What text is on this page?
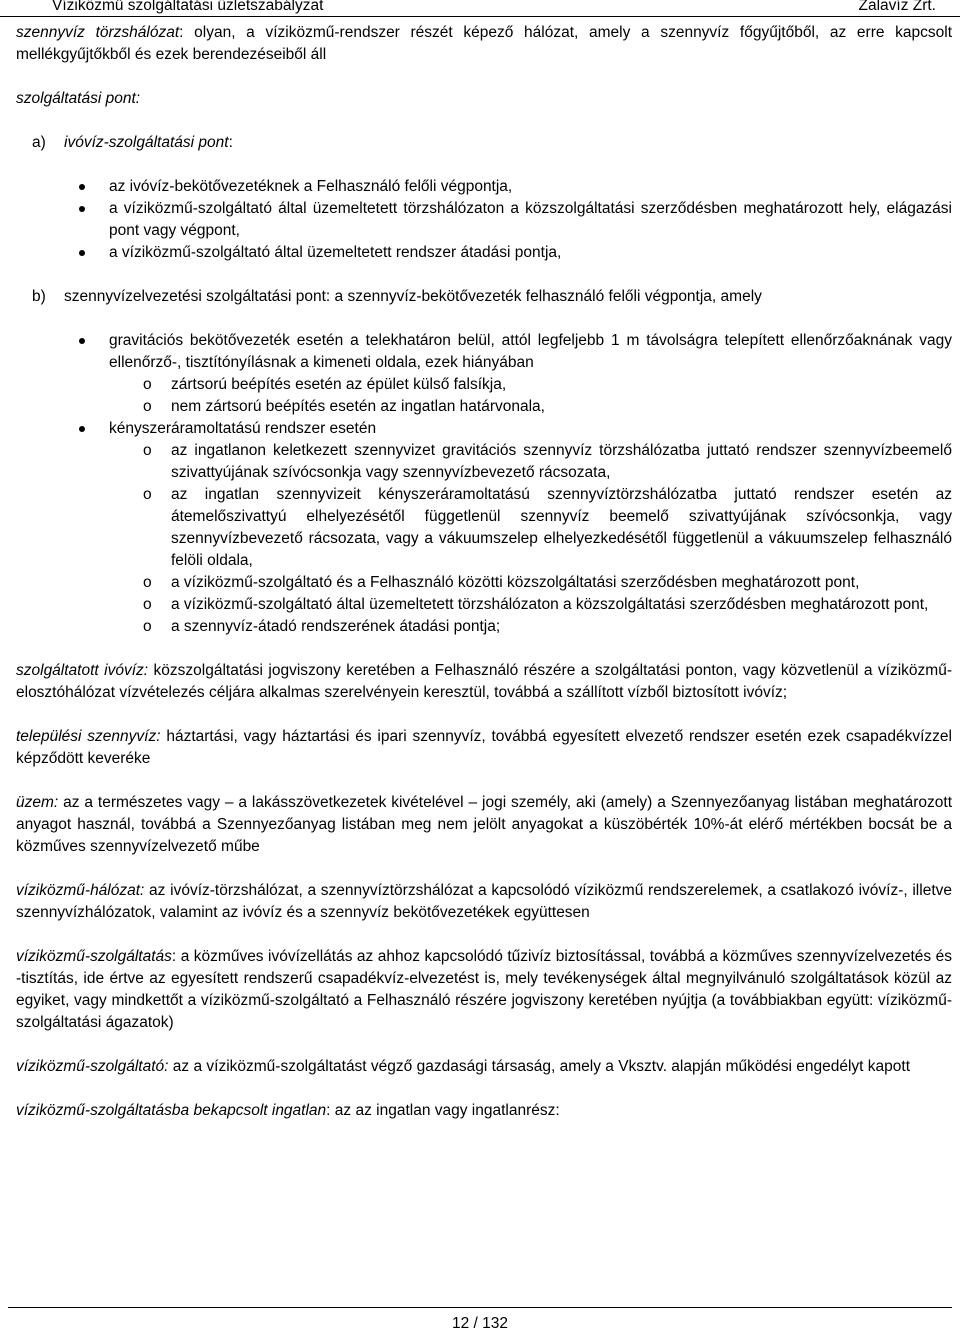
Víziközmű szolgáltatási üzletszabályzat	Zalavíz Zrt.

szennyvíz törzshálózat: olyan, a víziközmű-rendszer részét képező hálózat, amely a szennyvíz főgyűjtőből, az erre kapcsolt mellékgyűjtőkből és ezek berendezéseiből áll

szolgáltatási pont:

a) ivóvíz-szolgáltatási pont:

az ivóvíz-bekötővezetéknek a Felhasználó felőli végpontja,
a víziközmű-szolgáltató által üzemeltetett törzshálózaton a közszolgáltatási szerződésben meghatározott hely, elágazási pont vagy végpont,
a víziközmű-szolgáltató által üzemeltetett rendszer átadási pontja,

b) szennyvízelvezetési szolgáltatási pont: a szennyvíz-bekötővezeték felhasználó felőli végpontja, amely

gravitációs bekötővezeték esetén a telekhatáron belül, attól legfeljebb 1 m távolságra telepített ellenőrzőaknának vagy ellenőrző-, tisztítónyílásnak a kimeneti oldala, ezek hiányában
o zártsorú beépítés esetén az épület külső falsíkja,
o nem zártsorú beépítés esetén az ingatlan határvonala,
kényszeráramoltatású rendszer esetén
o az ingatlanon keletkezett szennyvizet gravitációs szennyvíz törzshálózatba juttató rendszer szennyvízbeemelő szivattyújának szívócsonkja vagy szennyvízbevezető rácsozata,
o az ingatlan szennyvizeit kényszeráramoltatású szennyvíztörzshálózatba juttató rendszer esetén az átemelőszivattyú elhelyezésétől függetlenül szennyvíz beemelő szivattyújának szívócsonkja, vagy szennyvízbevezető rácsozata, vagy a vákuumszelep elhelyezkedésétől függetlenül a vákuumszelep felhasználó felöli oldala,
o a víziközmű-szolgáltató és a Felhasználó közötti közszolgáltatási szerződésben meghatározott pont,
o a víziközmű-szolgáltató által üzemeltetett törzshálózaton a közszolgáltatási szerződésben meghatározott pont,
o a szennyvíz-átadó rendszerének átadási pontja;

szolgáltatott ivóvíz: közszolgáltatási jogviszony keretében a Felhasználó részére a szolgáltatási ponton, vagy közvetlenül a víziközmű-elosztóhálózat vízvételezés céljára alkalmas szerelvényein keresztül, továbbá a szállított vízből biztosított ivóvíz;

települési szennyvíz: háztartási, vagy háztartási és ipari szennyvíz, továbbá egyesített elvezető rendszer esetén ezek csapadékvízzel képződött keveréke

üzem: az a természetes vagy – a lakásszövetkezetek kivételével – jogi személy, aki (amely) a Szennyezőanyag listában meghatározott anyagot használ, továbbá a Szennyezőanyag listában meg nem jelölt anyagokat a küszöbérték 10%-át elérő mértékben bocsát be a közműves szennyvízelvezető műbe

víziközmű-hálózat: az ivóvíz-törzshálózat, a szennyvíztörzshálózat a kapcsolódó víziközmű rendszerelemek, a csatlakozó ivóvíz-, illetve szennyvízhálózatok, valamint az ivóvíz és a szennyvíz bekötővezetékek együttesen

víziközmű-szolgáltatás: a közműves ivóvízellátás az ahhoz kapcsolódó tűzivíz biztosítással, továbbá a közműves szennyvízelvezetés és -tisztítás, ide értve az egyesített rendszerű csapadékvíz-elvezetést is, mely tevékenységek által megnyilvánuló szolgáltatások közül az egyiket, vagy mindkettőt a víziközmű-szolgáltató a Felhasználó részére jogviszony keretében nyújtja (a továbbiakban együtt: víziközmű-szolgáltatási ágazatok)

víziközmű-szolgáltató: az a víziközmű-szolgáltatást végző gazdasági társaság, amely a Vksztv. alapján működési engedélyt kapott

víziközmű-szolgáltatásba bekapcsolt ingatlan: az az ingatlan vagy ingatlanrész:

12 / 132
